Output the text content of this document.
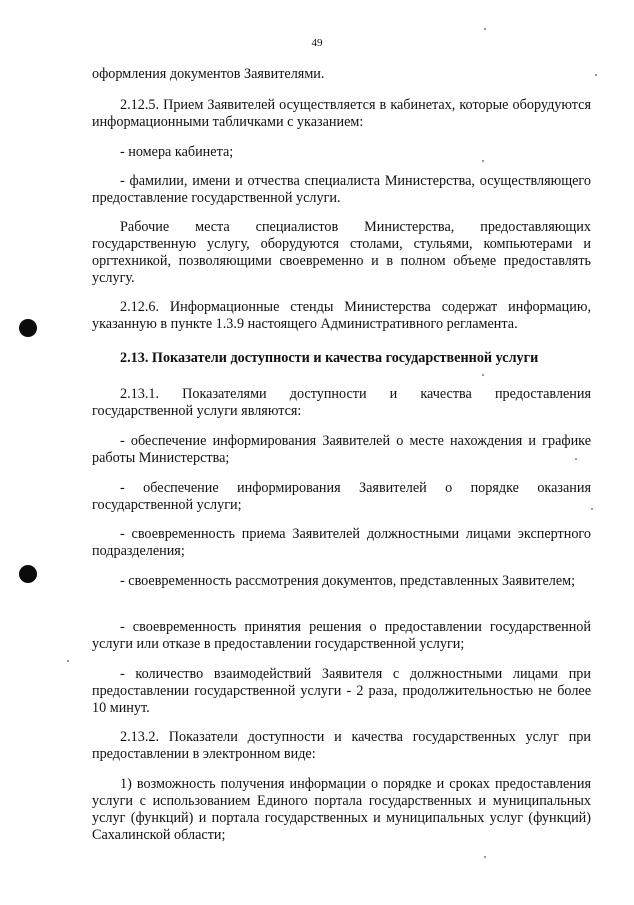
49

оформления документов Заявителями.

2.12.5. Прием Заявителей осуществляется в кабинетах, которые оборудуются информационными табличками с указанием:

- номера кабинета;

- фамилии, имени и отчества специалиста Министерства, осуществляющего предоставление государственной услуги.

Рабочие места специалистов Министерства, предоставляющих государственную услугу, оборудуются столами, стульями, компьютерами и оргтехникой, позволяющими своевременно и в полном объеме предоставлять услугу.

2.12.6. Информационные стенды Министерства содержат информацию, указанную в пункте 1.3.9 настоящего Административного регламента.

2.13. Показатели доступности и качества государственной услуги

2.13.1. Показателями доступности и качества предоставления государственной услуги являются:

- обеспечение информирования Заявителей о месте нахождения и графике работы Министерства;

- обеспечение информирования Заявителей о порядке оказания государственной услуги;

- своевременность приема Заявителей должностными лицами экспертного подразделения;

- своевременность рассмотрения документов, представленных Заявителем;

- своевременность принятия решения о предоставлении государственной услуги или отказе в предоставлении государственной услуги;

- количество взаимодействий Заявителя с должностными лицами при предоставлении государственной услуги - 2 раза, продолжительностью не более 10 минут.

2.13.2. Показатели доступности и качества государственных услуг при предоставлении в электронном виде:

1) возможность получения информации о порядке и сроках предоставления услуги с использованием Единого портала государственных и муниципальных услуг (функций) и портала государственных и муниципальных услуг (функций) Сахалинской области;
